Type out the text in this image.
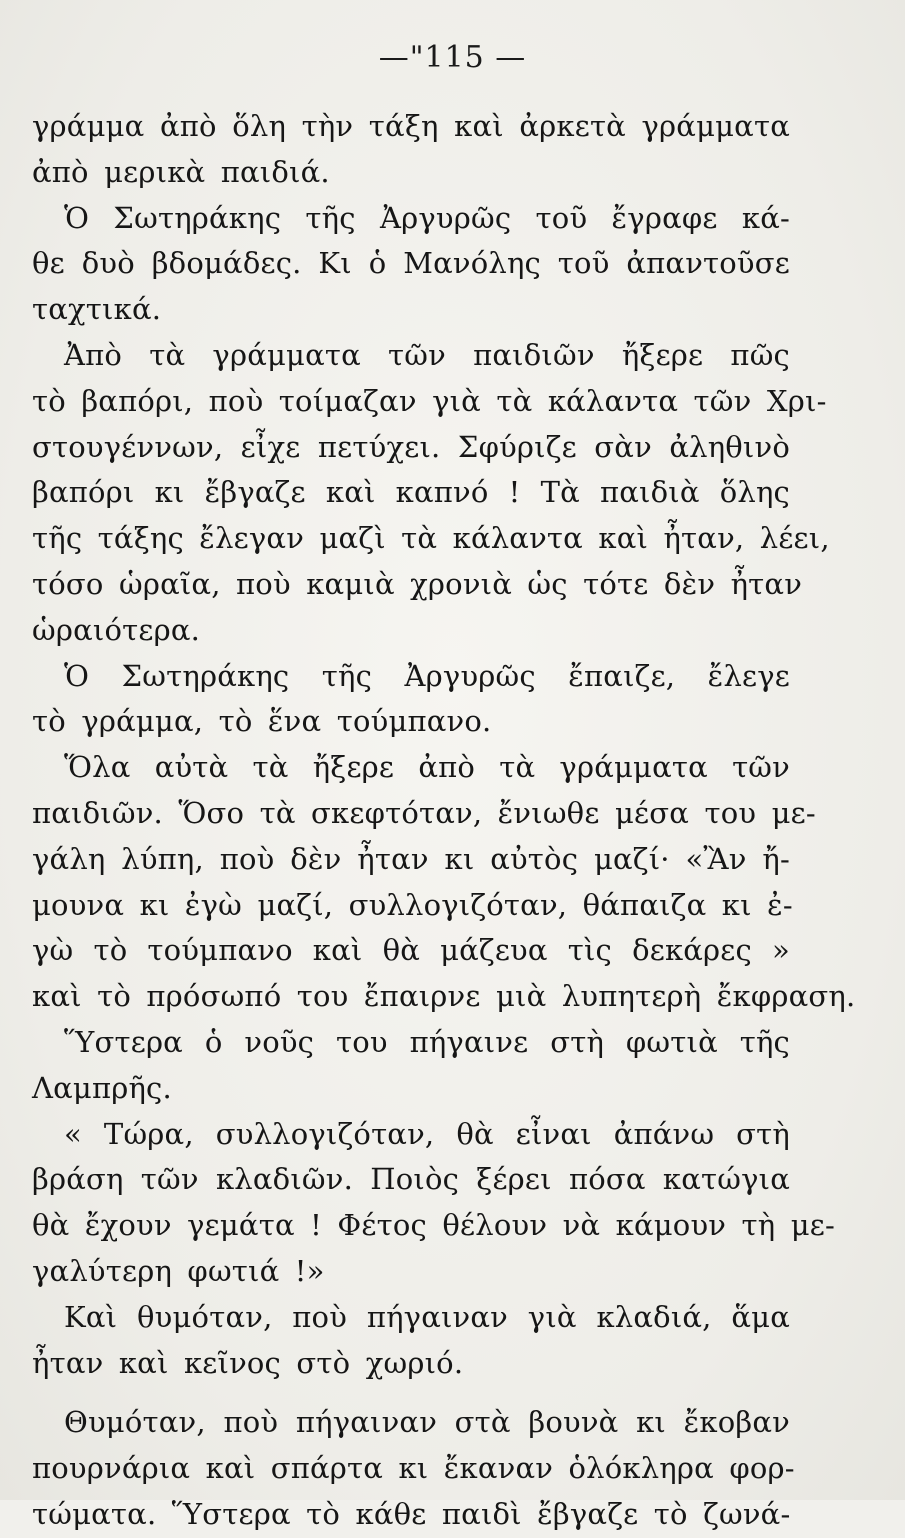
—"115 —
γράμμα ἀπὸ ὅλη τὴν τάξη καὶ ἀρκετὰ γράμματα
ἀπὸ μερικὰ παιδιά.
Ὁ Σωτηράκης τῆς Ἀργυρῶς τοῦ ἔγραφε κά-
θε δυὸ βδομάδες. Κι ὁ Μανόλης τοῦ ἀπαντοῦσε
ταχτικά.
Ἀπὸ τὰ γράμματα τῶν παιδιῶν ἤξερε πῶς
τὸ βαπόρι, ποὺ τοίμαζαν γιὰ τὰ κάλαντα τῶν Χρι-
στουγέννων, εἶχε πετύχει. Σφύριζε σὰν ἀληθινὸ
βαπόρι κι ἔβγαζε καὶ καπνό ! Τὰ παιδιὰ ὅλης
τῆς τάξης ἔλεγαν μαζὶ τὰ κάλαντα καὶ ἦταν, λέει,
τόσο ὡραῖα, ποὺ καμιὰ χρονιὰ ὡς τότε δὲν ἦταν
ὡραιότερα.
Ὁ Σωτηράκης τῆς Ἀργυρῶς ἔπαιζε, ἔλεγε
τὸ γράμμα, τὸ ἕνα τούμπανο.
Ὅλα αὐτὰ τὰ ἤξερε ἀπὸ τὰ γράμματα τῶν
παιδιῶν. Ὅσο τὰ σκεφτόταν, ἔνιωθε μέσα του με-
γάλη λύπη, ποὺ δὲν ἦταν κι αὐτὸς μαζί· «Ἂν ἤ-
μουνα κι ἐγὼ μαζί, συλλογιζόταν, θάπαιζα κι ἐ-
γὼ τὸ τούμπανο καὶ θὰ μάζευα τὶς δεκάρες »
καὶ τὸ πρόσωπό του ἔπαιρνε μιὰ λυπητερὴ ἔκφραση.
Ὕστερα ὁ νοῦς του πήγαινε στὴ φωτιὰ τῆς
Λαμπρῆς.
« Τώρα, συλλογιζόταν, θὰ εἶναι ἀπάνω στὴ
βράση τῶν κλαδιῶν. Ποιὸς ξέρει πόσα κατώγια
θὰ ἔχουν γεμάτα ! Φέτος θέλουν νὰ κάμουν τὴ με-
γαλύτερη φωτιά !»
Καὶ θυμόταν, ποὺ πήγαιναν γιὰ κλαδιά, ἅμα
ἦταν καὶ κεῖνος στὸ χωριό.
Θυμόταν, ποὺ πήγαιναν στὰ βουνὰ κι ἔκοβαν
πουρνάρια καὶ σπάρτα κι ἔκαναν ὁλόκληρα φορ-
τώματα. Ὕστερα τὸ κάθε παιδὶ ἔβγαζε τὸ ζωνά-
